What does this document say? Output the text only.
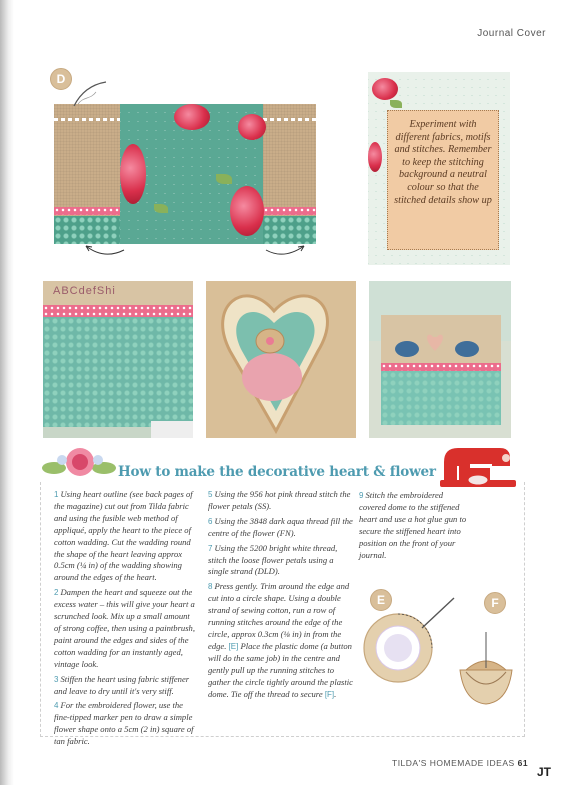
Journal Cover
D
Experiment with different fabrics, motifs and stitches. Remember to keep the stitching background a neutral colour so that the stitched details show up
ABCdefShi
How to make the decorative heart & flower

1 Using heart outline (see back pages of the magazine) cut out from Tilda fabric and using the fusible web method of appliqué, apply the heart to the piece of cotton wadding. Cut the wadding round the shape of the heart leaving approx 0.5cm (¼ in) of the wadding showing around the edges of the heart.

2 Dampen the heart and squeeze out the excess water – this will give your heart a scrunched look. Mix up a small amount of strong coffee, then using a paintbrush, paint around the edges and sides of the cotton wadding for an instantly aged, vintage look.

3 Stiffen the heart using fabric stiffener and leave to dry until it's very stiff.

4 For the embroidered flower, use the fine-tipped marker pen to draw a simple flower shape onto a 5cm (2 in) square of tan fabric.

5 Using the 956 hot pink thread stitch the flower petals (SS).

6 Using the 3848 dark aqua thread fill the centre of the flower (FN).

7 Using the 5200 bright white thread, stitch the loose flower petals using a single strand (DLD).

8 Press gently. Trim around the edge and cut into a circle shape. Using a double strand of sewing cotton, run a row of running stitches around the edge of the circle, approx 0.3cm (⅛ in) in from the edge. [E] Place the plastic dome (a button will do the same job) in the centre and gently pull up the running stitches to gather the circle tightly around the plastic dome. Tie off the thread to secure [F].

9 Stitch the embroidered covered dome to the stiffened heart and use a hot glue gun to secure the stiffened heart into position on the front of your journal.

E	F
TILDA'S HOMEMADE IDEAS 61
JT
